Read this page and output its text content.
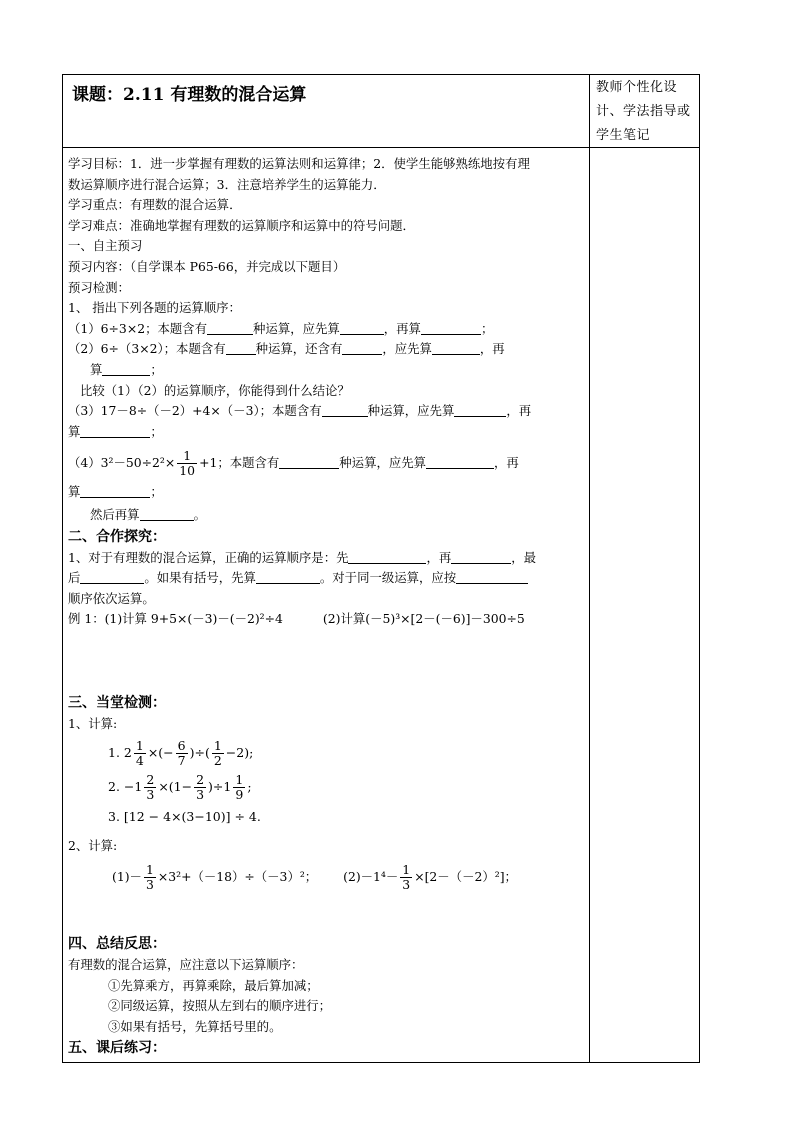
课题：2.11 有理数的混合运算	教师个性化设计、学法指导或学生笔记

学习目标：1．进一步掌握有理数的运算法则和运算律；2．使学生能够熟练地按有理

数运算顺序进行混合运算；3．注意培养学生的运算能力．

学习重点：有理数的混合运算．

学习难点：准确地掌握有理数的运算顺序和运算中的符号问题．

一、自主预习

预习内容：（自学课本 P65-66，并完成以下题目）

预习检测：

1、 指出下列各题的运算顺序：

（1）6÷3×2；本题含有	种运算，应先算	，再算	；

（2）6÷（3×2）；本题含有 种运算，还含有	，应先算	，再

算	；

比较（1）（2）的运算顺序，你能得到什么结论？

（3）17－8÷（－2）+4×（－3）；本题含有	种运算，应先算	，再

算	；

$(4)3^2-50\div 2^2\times \frac{1}{10} +1$；本题含有	种运算，应先算	，再

算	；

然后再算	。

二、合作探究：

1、对于有理数的混合运算，正确的运算顺序是：先	，再	，最

后	。如果有括号，先算	。对于同一级运算，应按

顺序依次运算。

例 1：(1)计算 9+5×(－3)－(－2)²÷4	(2)计算(－5)³×[2－(－6)]－300÷5

三、当堂检测：

1、计算:

1. $2 \frac{1}{4}$ ×(− $\frac{6}{7}$ )÷( $\frac{1}{2} -2$);

2. $-1 \frac{2}{3} \times(1- \frac{2}{3} )\div 1 \frac{1}{9}$ ;

3. [12 − 4×(3−10)] ÷ 4.

2、计算:

$(1)- \frac{1}{3} \times 3^2+(-18)\div(-3)^2$； $(2)-1^4- \frac{1}{3} \times[2-(-2)^2]$；

四、总结反思：

有理数的混合运算，应注意以下运算顺序：

①先算乘方，再算乘除，最后算加减；

②同级运算，按照从左到右的顺序进行；

③如果有括号，先算括号里的。

五、课后练习：
